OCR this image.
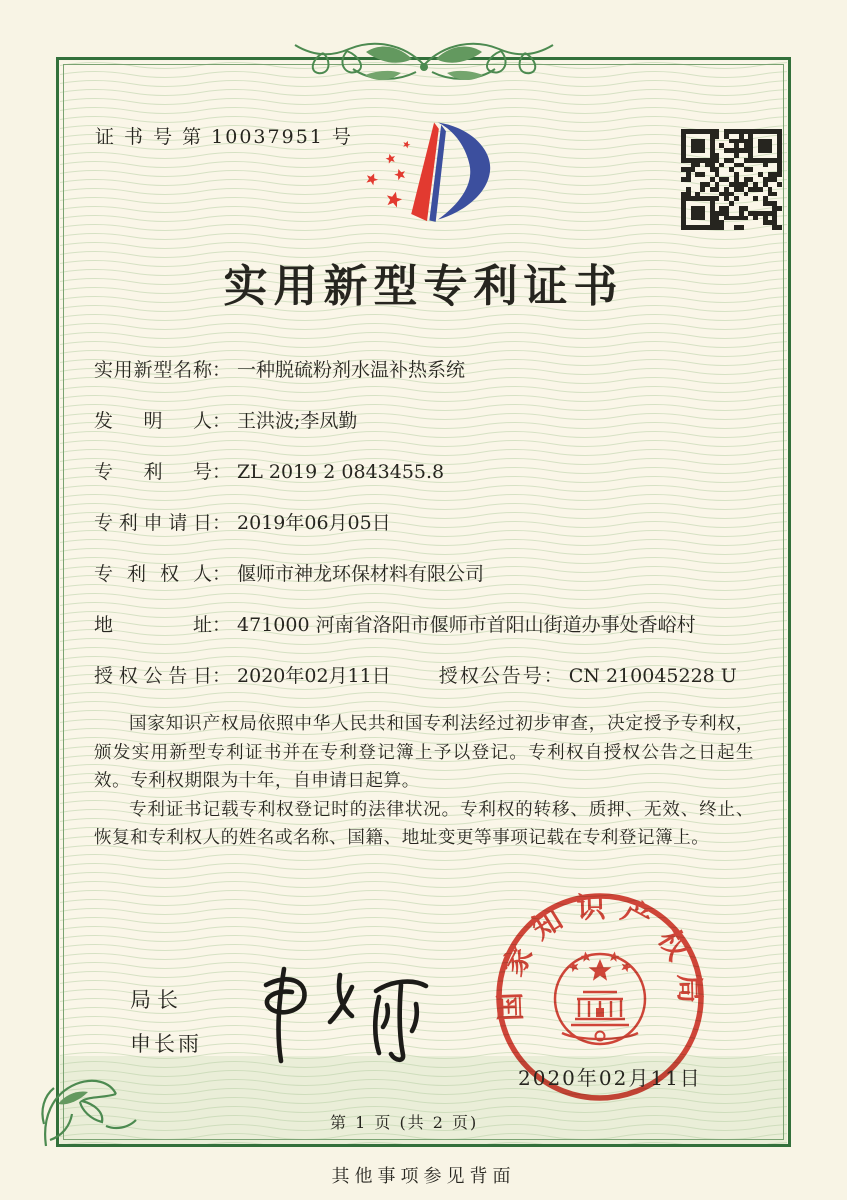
证 书 号 第 10037951 号
实用新型专利证书
实用新型名称： 一种脱硫粉剂水温补热系统
发明人： 王洪波;李凤勤
专利号： ZL 2019 2 0843455.8
专利申请日： 2019年06月05日
专利权人： 偃师市神龙环保材料有限公司
地址： 471000 河南省洛阳市偃师市首阳山街道办事处香峪村
授权公告日： 2020年02月11日	授权公告号： CN 210045228 U

国家知识产权局依照中华人民共和国专利法经过初步审查，决定授予专利权，颁发实用新型专利证书并在专利登记簿上予以登记。专利权自授权公告之日起生效。专利权期限为十年，自申请日起算。

专利证书记载专利权登记时的法律状况。专利权的转移、质押、无效、终止、恢复和专利权人的姓名或名称、国籍、地址变更等事项记载在专利登记簿上。

局长
申长雨
国家知识产权局
2020年02月11日
第 1 页 (共 2 页)
其他事项参见背面
